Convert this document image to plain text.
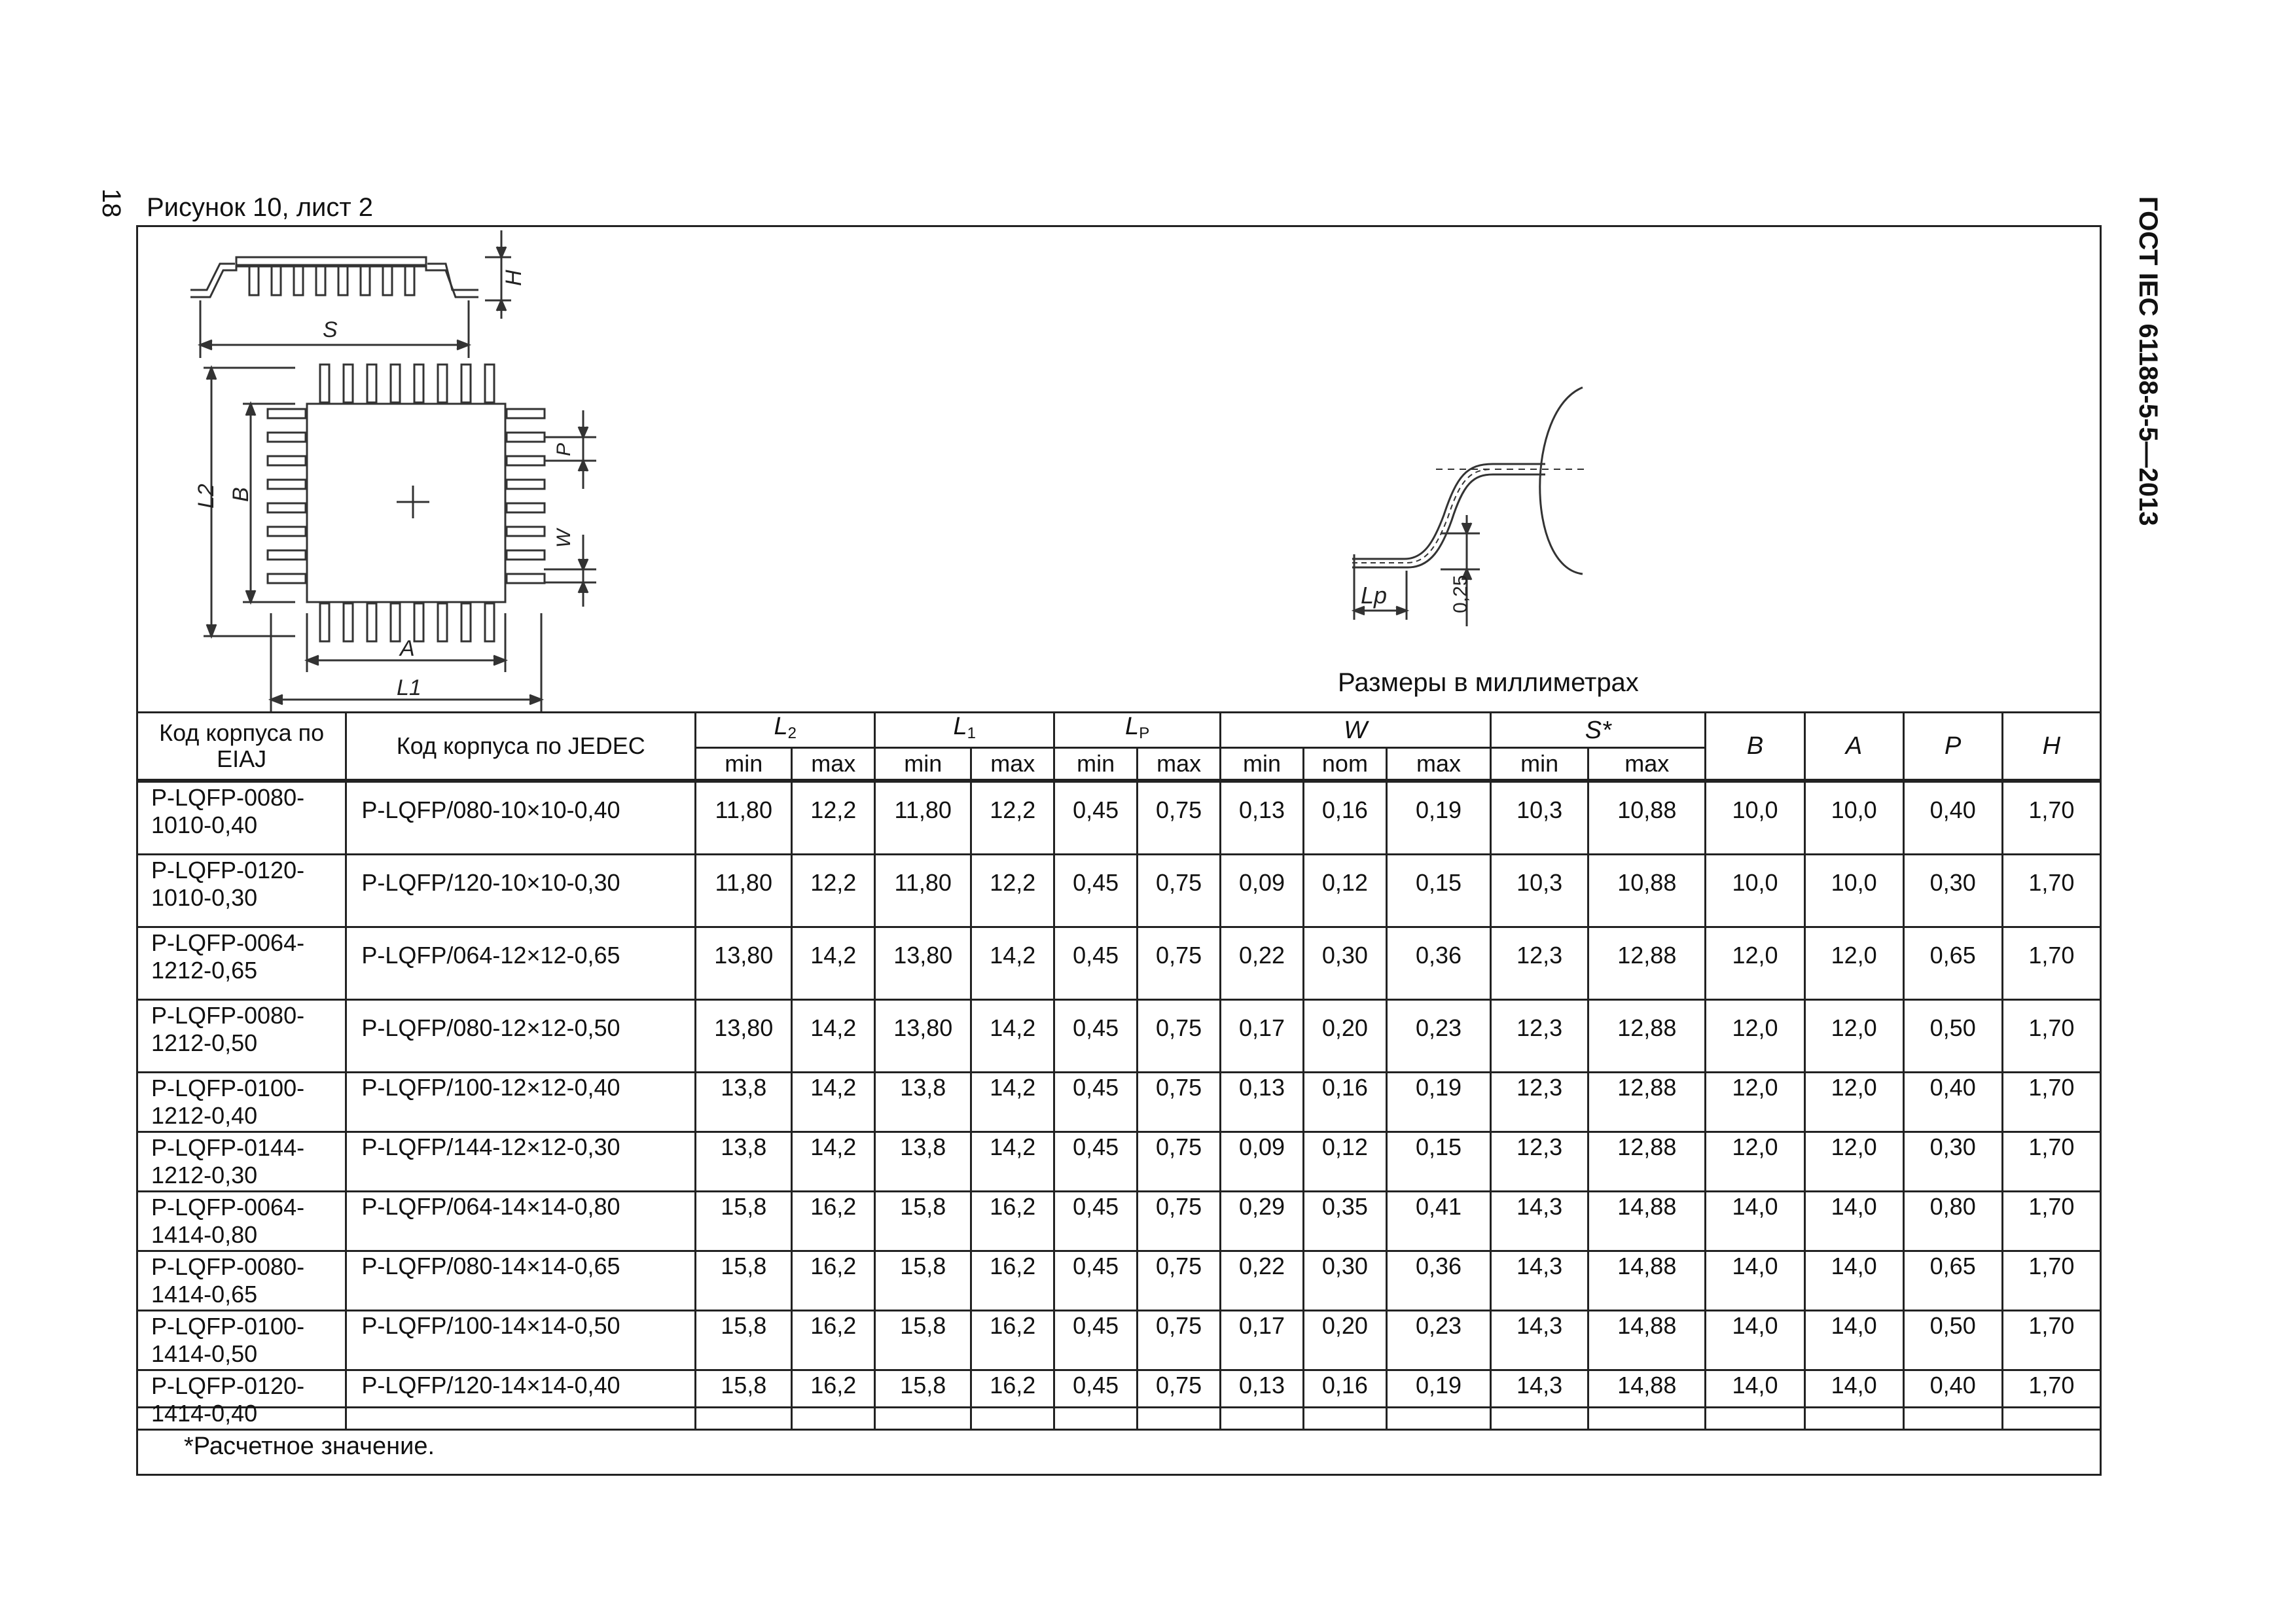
18 Рисунок 10, лист 2	ГОСТ IEC 61188-5-5—2013
H
S
L2 B
P
W
A
L1
Lp	0,25
Размеры в миллиметрах
Код корпуса по EIAJ	Код корпуса по JEDEC	$L_2$		$L_1$		$L_P$		W			S*		B	A	P	H
		min	max	min	max	min	max	min	nom	max	min	max				
P-LQFP-0080-1010-0,40	P-LQFP/080-10×10-0,40	11,80	12,2	11,80	12,2	0,45	0,75	0,13	0,16	0,19	10,3	10,88	10,0	10,0	0,40	1,70
P-LQFP-0120-1010-0,30	P-LQFP/120-10×10-0,30	11,80	12,2	11,80	12,2	0,45	0,75	0,09	0,12	0,15	10,3	10,88	10,0	10,0	0,30	1,70
P-LQFP-0064-1212-0,65	P-LQFP/064-12×12-0,65	13,80	14,2	13,80	14,2	0,45	0,75	0,22	0,30	0,36	12,3	12,88	12,0	12,0	0,65	1,70
P-LQFP-0080-1212-0,50	P-LQFP/080-12×12-0,50	13,80	14,2	13,80	14,2	0,45	0,75	0,17	0,20	0,23	12,3	12,88	12,0	12,0	0,50	1,70
P-LQFP-0100-1212-0,40	P-LQFP/100-12×12-0,40	13,8	14,2	13,8	14,2	0,45	0,75	0,13	0,16	0,19	12,3	12,88	12,0	12,0	0,40	1,70
P-LQFP-0144-1212-0,30	P-LQFP/144-12×12-0,30	13,8	14,2	13,8	14,2	0,45	0,75	0,09	0,12	0,15	12,3	12,88	12,0	12,0	0,30	1,70
P-LQFP-0064-1414-0,80	P-LQFP/064-14×14-0,80	15,8	16,2	15,8	16,2	0,45	0,75	0,29	0,35	0,41	14,3	14,88	14,0	14,0	0,80	1,70
P-LQFP-0080-1414-0,65	P-LQFP/080-14×14-0,65	15,8	16,2	15,8	16,2	0,45	0,75	0,22	0,30	0,36	14,3	14,88	14,0	14,0	0,65	1,70
P-LQFP-0100-1414-0,50	P-LQFP/100-14×14-0,50	15,8	16,2	15,8	16,2	0,45	0,75	0,17	0,20	0,23	14,3	14,88	14,0	14,0	0,50	1,70
P-LQFP-0120-1414-0,40	P-LQFP/120-14×14-0,40	15,8	16,2	15,8	16,2	0,45	0,75	0,13	0,16	0,19	14,3	14,88	14,0	14,0	0,40	1,70
*Расчетное значение.																
